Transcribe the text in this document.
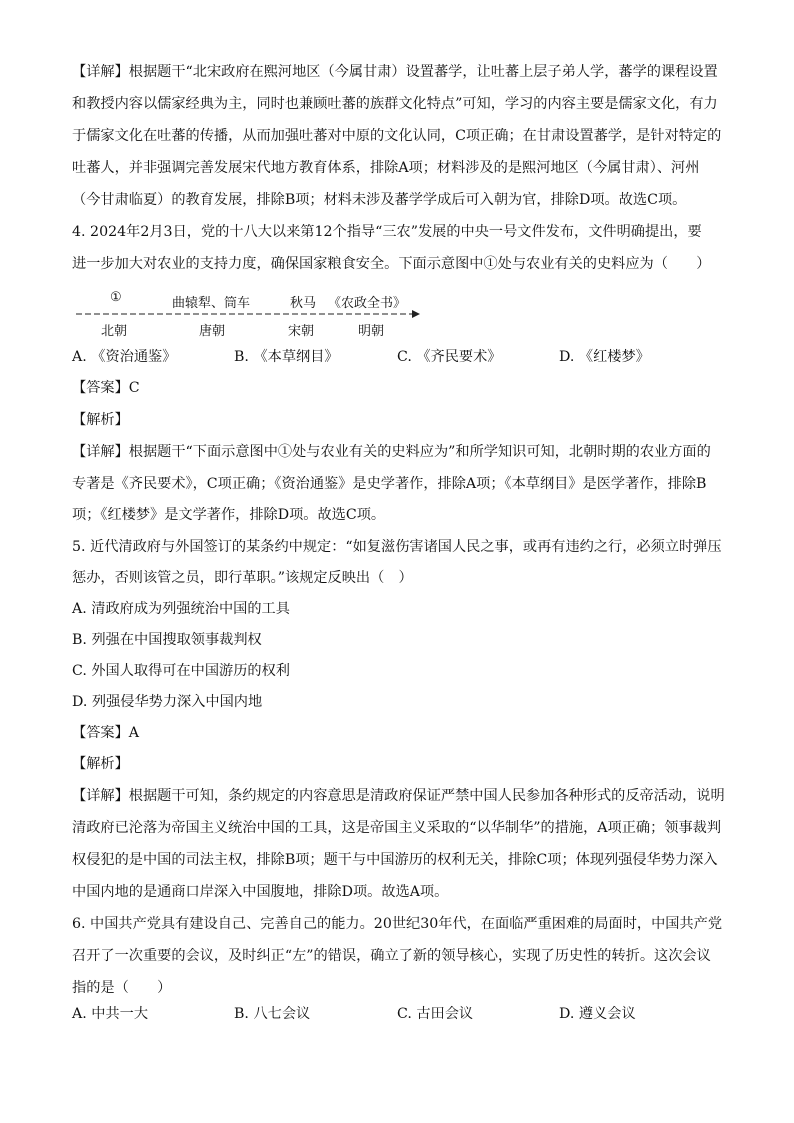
【详解】根据题干“北宋政府在熙河地区（今属甘肃）设置蕃学，让吐蕃上层子弟人学，蕃学的课程设置
和教授内容以儒家经典为主，同时也兼顾吐蕃的族群文化特点”可知，学习的内容主要是儒家文化，有力
于儒家文化在吐蕃的传播，从而加强吐蕃对中原的文化认同，C项正确；在甘肃设置蕃学，是针对特定的
吐蕃人，并非强调完善发展宋代地方教育体系，排除A项；材料涉及的是熙河地区（今属甘肃）、河州
（今甘肃临夏）的教育发展，排除B项；材料未涉及蕃学学成后可入朝为官，排除D项。故选C项。
4. 2024年2月3日，党的十八大以来第12个指导“三农”发展的中央一号文件发布，文件明确提出，要
进一步加大对农业的支持力度，确保国家粮食安全。下面示意图中①处与农业有关的史料应为（　　）
①	曲辕犁、筒车	秋马 《农政全书》
北朝	唐朝	宋朝	明朝
A. 《资治通鉴》	B. 《本草纲目》	C. 《齐民要术》	D. 《红楼梦》
【答案】C
【解析】
【详解】根据题干“下面示意图中①处与农业有关的史料应为”和所学知识可知，北朝时期的农业方面的
专著是《齐民要术》，C项正确；《资治通鉴》是史学著作，排除A项；《本草纲目》是医学著作，排除B
项；《红楼梦》是文学著作，排除D项。故选C项。
5. 近代清政府与外国签订的某条约中规定：“如复滋伤害诸国人民之事，或再有违约之行，必须立时弹压
惩办，否则该管之员，即行革职。”该规定反映出（　）
A. 清政府成为列强统治中国的工具
B. 列强在中国搜取领事裁判权
C. 外国人取得可在中国游历的权利
D. 列强侵华势力深入中国内地
【答案】A
【解析】
【详解】根据题干可知，条约规定的内容意思是清政府保证严禁中国人民参加各种形式的反帝活动，说明
清政府已沦落为帝国主义统治中国的工具，这是帝国主义采取的“以华制华”的措施，A项正确；领事裁判
权侵犯的是中国的司法主权，排除B项；题干与中国游历的权利无关，排除C项；体现列强侵华势力深入
中国内地的是通商口岸深入中国腹地，排除D项。故选A项。
6. 中国共产党具有建设自己、完善自己的能力。20世纪30年代，在面临严重困难的局面时，中国共产党
召开了一次重要的会议，及时纠正“左”的错误，确立了新的领导核心，实现了历史性的转折。这次会议
指的是（　　）
A. 中共一大	B. 八七会议	C. 古田会议	D. 遵义会议
